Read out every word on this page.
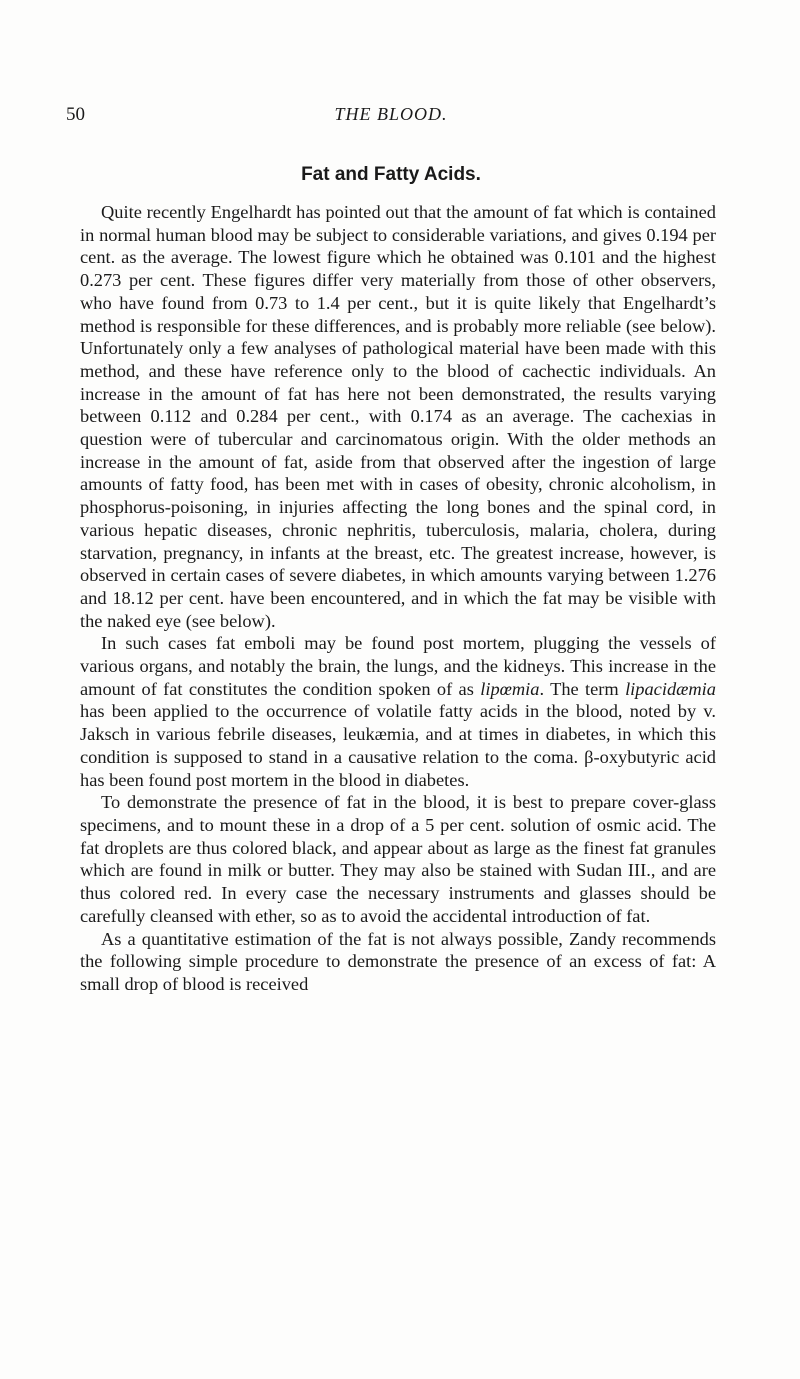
50	THE BLOOD.
Fat and Fatty Acids.

Quite recently Engelhardt has pointed out that the amount of fat which is contained in normal human blood may be subject to considerable variations, and gives 0.194 per cent. as the average. The lowest figure which he obtained was 0.101 and the highest 0.273 per cent. These figures differ very materially from those of other observers, who have found from 0.73 to 1.4 per cent., but it is quite likely that Engelhardt’s method is responsible for these differences, and is probably more reliable (see below). Unfortunately only a few analyses of pathological material have been made with this method, and these have reference only to the blood of cachectic individuals. An increase in the amount of fat has here not been demonstrated, the results varying between 0.112 and 0.284 per cent., with 0.174 as an average. The cachexias in question were of tubercular and carcinomatous origin. With the older methods an increase in the amount of fat, aside from that observed after the ingestion of large amounts of fatty food, has been met with in cases of obesity, chronic alcoholism, in phosphorus-poisoning, in injuries affecting the long bones and the spinal cord, in various hepatic diseases, chronic nephritis, tuberculosis, malaria, cholera, during starvation, pregnancy, in infants at the breast, etc. The greatest increase, however, is observed in certain cases of severe diabetes, in which amounts varying between 1.276 and 18.12 per cent. have been encountered, and in which the fat may be visible with the naked eye (see below).

In such cases fat emboli may be found post mortem, plugging the vessels of various organs, and notably the brain, the lungs, and the kidneys. This increase in the amount of fat constitutes the condition spoken of as lipœmia. The term lipacidæmia has been applied to the occurrence of volatile fatty acids in the blood, noted by v. Jaksch in various febrile diseases, leukæmia, and at times in diabetes, in which this condition is supposed to stand in a causative relation to the coma. β-oxybutyric acid has been found post mortem in the blood in diabetes.

To demonstrate the presence of fat in the blood, it is best to prepare cover-glass specimens, and to mount these in a drop of a 5 per cent. solution of osmic acid. The fat droplets are thus colored black, and appear about as large as the finest fat granules which are found in milk or butter. They may also be stained with Sudan III., and are thus colored red. In every case the necessary instruments and glasses should be carefully cleansed with ether, so as to avoid the accidental introduction of fat.

As a quantitative estimation of the fat is not always possible, Zandy recommends the following simple procedure to demonstrate the presence of an excess of fat: A small drop of blood is received
